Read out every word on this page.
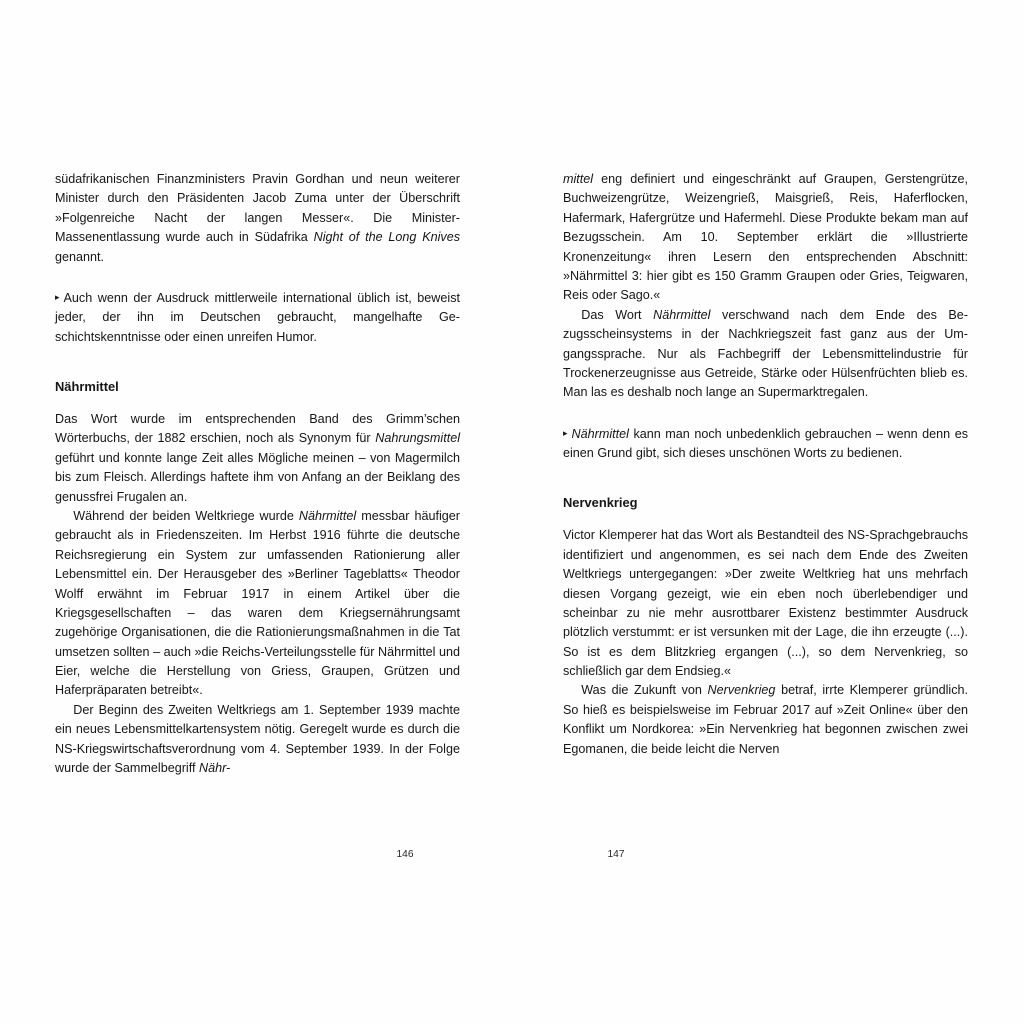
südafrikanischen Finanzministers Pravin Gordhan und neun weiterer Minister durch den Präsidenten Jacob Zuma unter der Überschrift »Folgenreiche Nacht der langen Messer«. Die Minister-Massenentlassung wurde auch in Südafrika Night of the Long Knives genannt.

▸ Auch wenn der Ausdruck mittlerweile international üblich ist, beweist jeder, der ihn im Deutschen gebraucht, mangelhafte Geschichtskenntnisse oder einen unreifen Humor.

Nährmittel

Das Wort wurde im entsprechenden Band des Grimm’schen Wörterbuchs, der 1882 erschien, noch als Synonym für Nahrungsmittel geführt und konnte lange Zeit alles Mögliche meinen – von Magermilch bis zum Fleisch. Allerdings haftete ihm von Anfang an der Beiklang des genussfrei Frugalen an.

Während der beiden Weltkriege wurde Nährmittel messbar häufiger gebraucht als in Friedenszeiten. Im Herbst 1916 führte die deutsche Reichsregierung ein System zur umfassenden Rationierung aller Lebensmittel ein. Der Herausgeber des »Berliner Tageblatts« Theodor Wolff erwähnt im Februar 1917 in einem Artikel über die Kriegsgesellschaften – das waren dem Kriegsernährungsamt zugehörige Organisationen, die die Rationierungsmaßnahmen in die Tat umsetzen sollten – auch »die Reichs-Verteilungsstelle für Nährmittel und Eier, welche die Herstellung von Griess, Graupen, Grützen und Haferpräparaten betreibt«.

Der Beginn des Zweiten Weltkriegs am 1. September 1939 machte ein neues Lebensmittelkartensystem nötig. Geregelt wurde es durch die NS-Kriegswirtschaftsverordnung vom 4. September 1939. In der Folge wurde der Sammelbegriff Nähr-

mittel eng definiert und eingeschränkt auf Graupen, Gerstengrütze, Buchweizengrütze, Weizengrieß, Maisgrieß, Reis, Haferflocken, Hafermark, Hafergrütze und Hafermehl. Diese Produkte bekam man auf Bezugsschein. Am 10. September erklärt die »Illustrierte Kronenzeitung« ihren Lesern den entsprechenden Abschnitt: »Nährmittel 3: hier gibt es 150 Gramm Graupen oder Gries, Teigwaren, Reis oder Sago.«

Das Wort Nährmittel verschwand nach dem Ende des Bezugsscheinsystems in der Nachkriegszeit fast ganz aus der Umgangssprache. Nur als Fachbegriff der Lebensmittelindustrie für Trockenerzeugnisse aus Getreide, Stärke oder Hülsenfrüchten blieb es. Man las es deshalb noch lange an Supermarktregalen.

▸ Nährmittel kann man noch unbedenklich gebrauchen – wenn denn es einen Grund gibt, sich dieses unschönen Worts zu bedienen.

Nervenkrieg

Victor Klemperer hat das Wort als Bestandteil des NS-Sprachgebrauchs identifiziert und angenommen, es sei nach dem Ende des Zweiten Weltkriegs untergegangen: »Der zweite Weltkrieg hat uns mehrfach diesen Vorgang gezeigt, wie ein eben noch überlebendiger und scheinbar zu nie mehr ausrottbarer Existenz bestimmter Ausdruck plötzlich verstummt: er ist versunken mit der Lage, die ihn erzeugte (...). So ist es dem Blitzkrieg ergangen (...), so dem Nervenkrieg, so schließlich gar dem Endsieg.«

Was die Zukunft von Nervenkrieg betraf, irrte Klemperer gründlich. So hieß es beispielsweise im Februar 2017 auf »Zeit Online« über den Konflikt um Nordkorea: »Ein Nervenkrieg hat begonnen zwischen zwei Egomanen, die beide leicht die Nerven

146	147
